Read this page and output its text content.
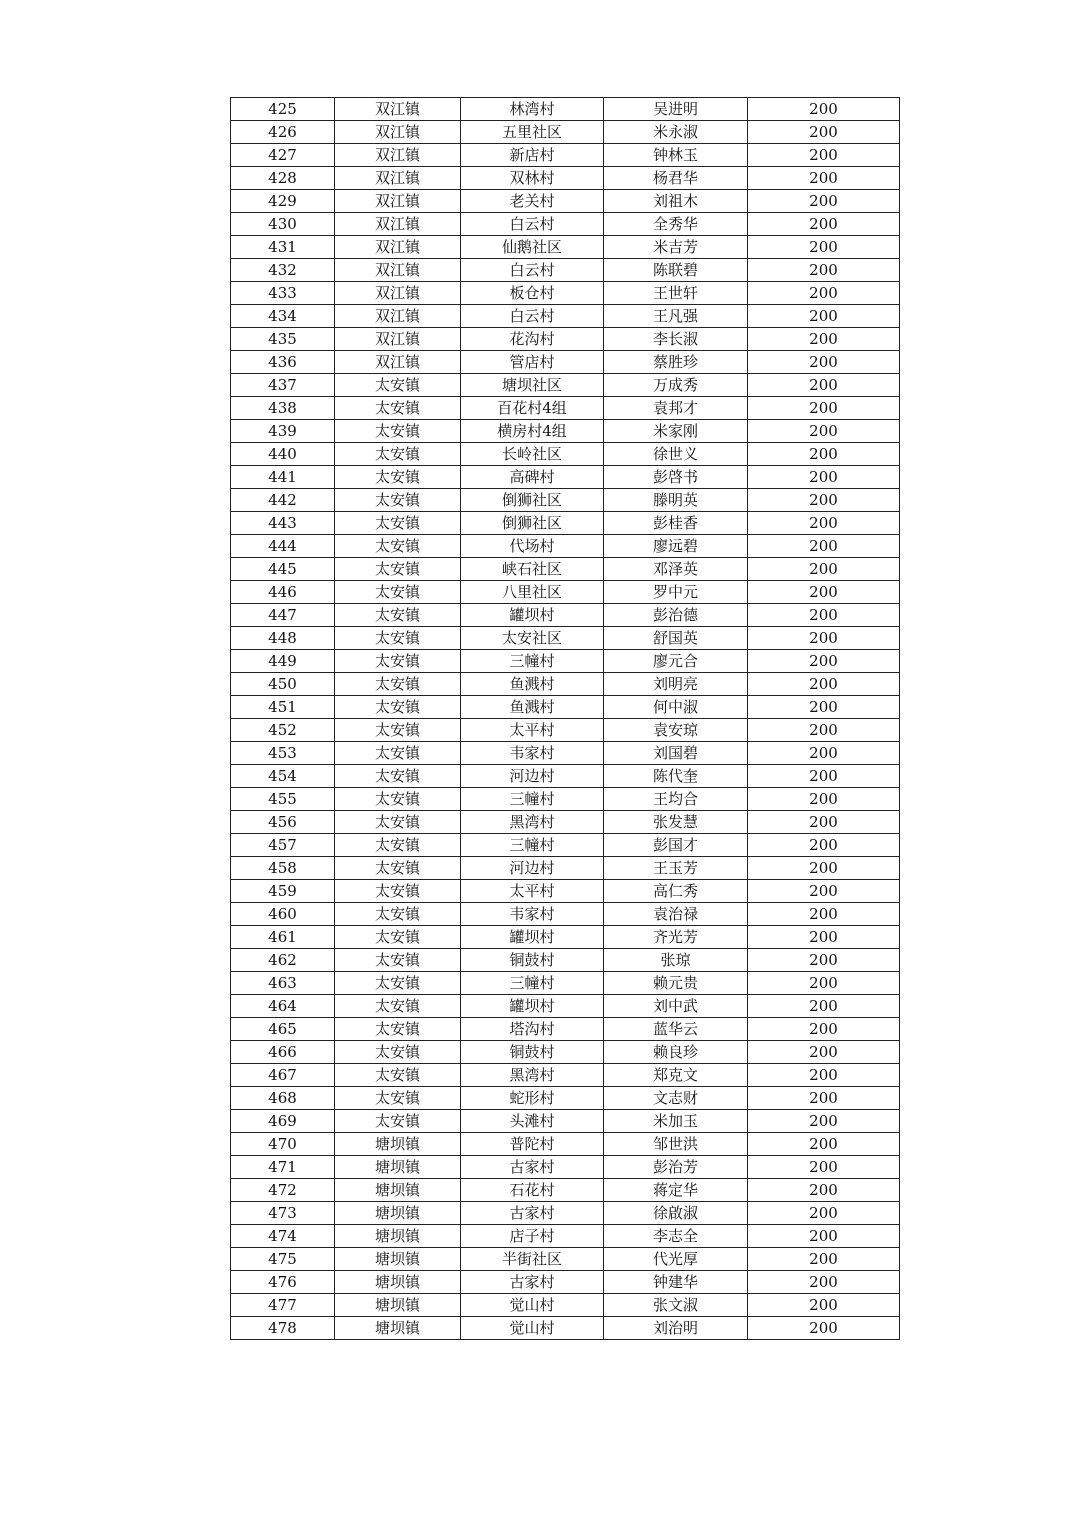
425	双江镇	林湾村	吴进明	200
426	双江镇	五里社区	米永淑	200
427	双江镇	新店村	钟林玉	200
428	双江镇	双林村	杨君华	200
429	双江镇	老关村	刘祖木	200
430	双江镇	白云村	全秀华	200
431	双江镇	仙鹅社区	米吉芳	200
432	双江镇	白云村	陈联碧	200
433	双江镇	板仓村	王世轩	200
434	双江镇	白云村	王凡强	200
435	双江镇	花沟村	李长淑	200
436	双江镇	管店村	蔡胜珍	200
437	太安镇	塘坝社区	万成秀	200
438	太安镇	百花村4组	袁邦才	200
439	太安镇	横房村4组	米家刚	200
440	太安镇	长岭社区	徐世义	200
441	太安镇	高碑村	彭啓书	200
442	太安镇	倒狮社区	滕明英	200
443	太安镇	倒狮社区	彭桂香	200
444	太安镇	代场村	廖远碧	200
445	太安镇	峡石社区	邓泽英	200
446	太安镇	八里社区	罗中元	200
447	太安镇	罐坝村	彭治德	200
448	太安镇	太安社区	舒国英	200
449	太安镇	三幢村	廖元合	200
450	太安镇	鱼溅村	刘明亮	200
451	太安镇	鱼溅村	何中淑	200
452	太安镇	太平村	袁安琼	200
453	太安镇	韦家村	刘国碧	200
454	太安镇	河边村	陈代奎	200
455	太安镇	三幢村	王均合	200
456	太安镇	黑湾村	张发慧	200
457	太安镇	三幢村	彭国才	200
458	太安镇	河边村	王玉芳	200
459	太安镇	太平村	高仁秀	200
460	太安镇	韦家村	袁治禄	200
461	太安镇	罐坝村	齐光芳	200
462	太安镇	铜鼓村	张琼	200
463	太安镇	三幢村	赖元贵	200
464	太安镇	罐坝村	刘中武	200
465	太安镇	塔沟村	蓝华云	200
466	太安镇	铜鼓村	赖良珍	200
467	太安镇	黑湾村	郑克文	200
468	太安镇	蛇形村	文志财	200
469	太安镇	头滩村	米加玉	200
470	塘坝镇	普陀村	邹世洪	200
471	塘坝镇	古家村	彭治芳	200
472	塘坝镇	石花村	蒋定华	200
473	塘坝镇	古家村	徐啟淑	200
474	塘坝镇	店子村	李志全	200
475	塘坝镇	半街社区	代光厚	200
476	塘坝镇	古家村	钟建华	200
477	塘坝镇	觉山村	张文淑	200
478	塘坝镇	觉山村	刘治明	200
